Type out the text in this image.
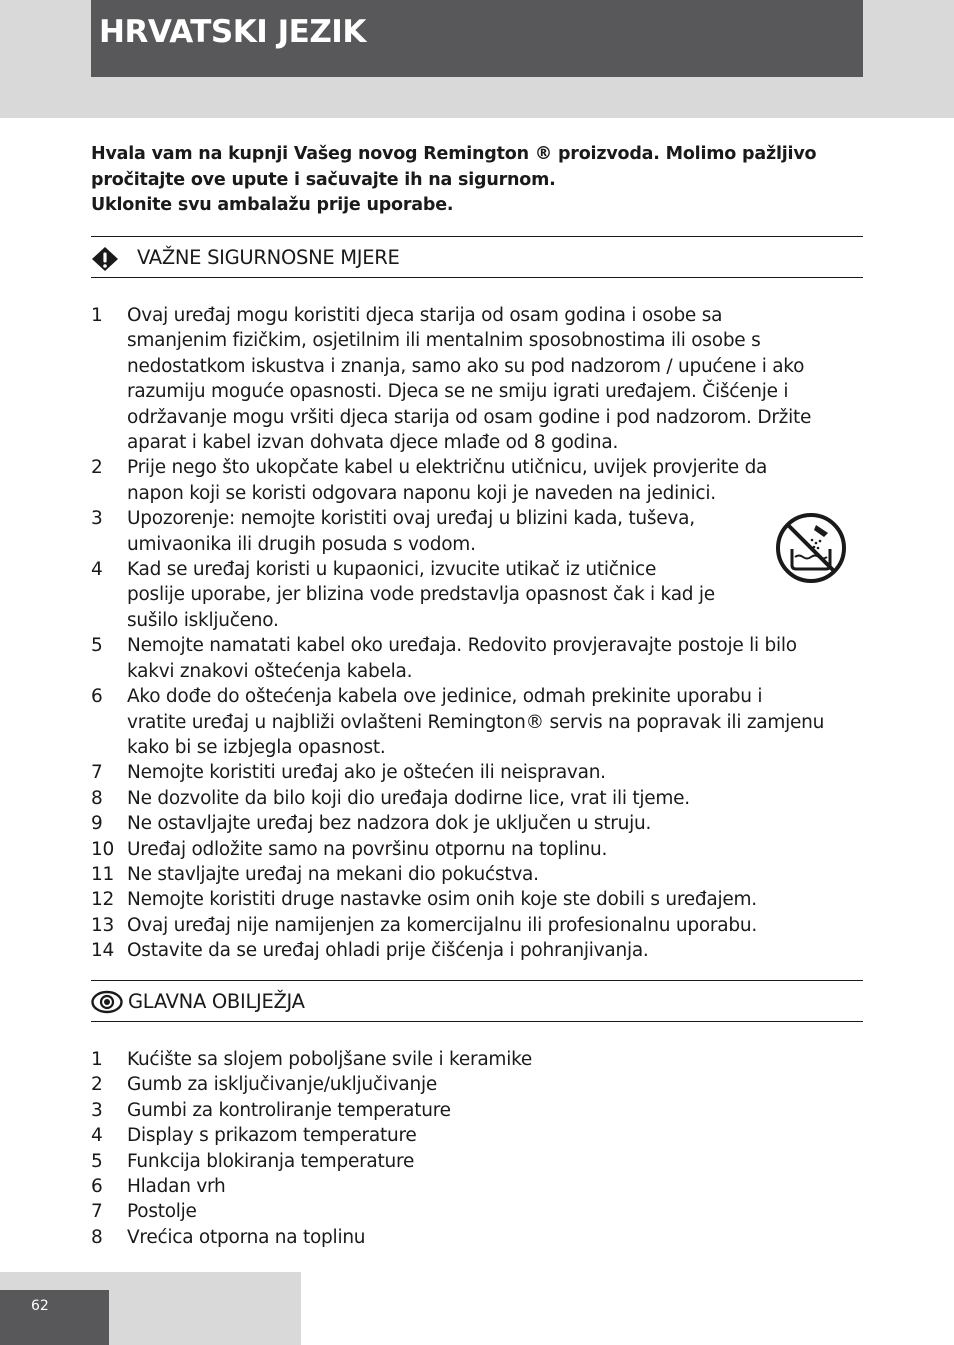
HRVATSKI JEZIK
Hvala vam na kupnji Vašeg novog Remington ® proizvoda. Molimo pažljivo
pročitajte ove upute i sačuvajte ih na sigurnom.
Uklonite svu ambalažu prije uporabe.
VAŽNE SIGURNOSNE MJERE
1 Ovaj uređaj mogu koristiti djeca starija od osam godina i osobe sa
smanjenim fizičkim, osjetilnim ili mentalnim sposobnostima ili osobe s
nedostatkom iskustva i znanja, samo ako su pod nadzorom / upućene i ako
razumiju moguće opasnosti. Djeca se ne smiju igrati uređajem. Čišćenje i
održavanje mogu vršiti djeca starija od osam godine i pod nadzorom. Držite
aparat i kabel izvan dohvata djece mlađe od 8 godina.
2 Prije nego što ukopčate kabel u električnu utičnicu, uvijek provjerite da
napon koji se koristi odgovara naponu koji je naveden na jedinici.
3 Upozorenje: nemojte koristiti ovaj uređaj u blizini kada, tuševa,
umivaonika ili drugih posuda s vodom.
4 Kad se uređaj koristi u kupaonici, izvucite utikač iz utičnice
poslije uporabe, jer blizina vode predstavlja opasnost čak i kad je
sušilo isključeno.
5 Nemojte namatati kabel oko uređaja. Redovito provjeravajte postoje li bilo
kakvi znakovi oštećenja kabela.
6 Ako dođe do oštećenja kabela ove jedinice, odmah prekinite uporabu i
vratite uređaj u najbliži ovlašteni Remington® servis na popravak ili zamjenu
kako bi se izbjegla opasnost.
7 Nemojte koristiti uređaj ako je oštećen ili neispravan.
8 Ne dozvolite da bilo koji dio uređaja dodirne lice, vrat ili tjeme.
9 Ne ostavljajte uređaj bez nadzora dok je uključen u struju.
10 Uređaj odložite samo na površinu otpornu na toplinu.
11 Ne stavljajte uređaj na mekani dio pokućstva.
12 Nemojte koristiti druge nastavke osim onih koje ste dobili s uređajem.
13 Ovaj uređaj nije namijenjen za komercijalnu ili profesionalnu uporabu.
14 Ostavite da se uređaj ohladi prije čišćenja i pohranjivanja.
GLAVNA OBILJEŽJA
1 Kućište sa slojem poboljšane svile i keramike
2 Gumb za isključivanje/uključivanje
3 Gumbi za kontroliranje temperature
4 Display s prikazom temperature
5 Funkcija blokiranja temperature
6 Hladan vrh
7 Postolje
8 Vrećica otporna na toplinu
62
